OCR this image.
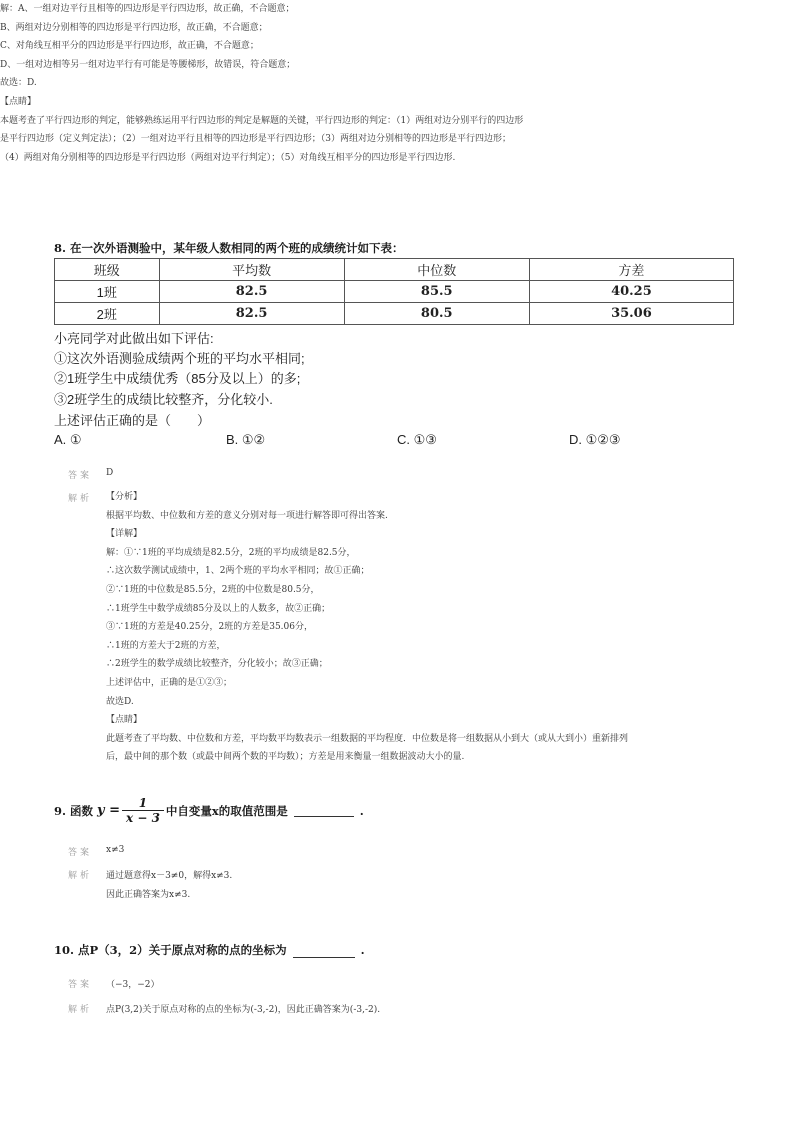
解：A、一组对边平行且相等的四边形是平行四边形，故正确，不合题意；
B、两组对边分别相等的四边形是平行四边形，故正确，不合题意；
C、对角线互相平分的四边形是平行四边形，故正确，不合题意；
D、一组对边相等另一组对边平行有可能是等腰梯形，故错误，符合题意；
故选：D.
【点睛】
本题考查了平行四边形的判定，能够熟练运用平行四边形的判定是解题的关键，平行四边形的判定：（1）两组对边分别平行的四边形
是平行四边形（定义判定法）；（2）一组对边平行且相等的四边形是平行四边形；（3）两组对边分别相等的四边形是平行四边形；
（4）两组对角分别相等的四边形是平行四边形（两组对边平行判定）；（5）对角线互相平分的四边形是平行四边形.
8. 在一次外语测验中，某年级人数相同的两个班的成绩统计如下表：
班级	平均数	中位数	方差
1班	82.5	85.5	40.25
2班	82.5	80.5	35.06
小亮同学对此做出如下评估:
①这次外语测验成绩两个班的平均水平相同;
②1班学生中成绩优秀（85分及以上）的多;
③2班学生的成绩比较整齐，分化较小.
上述评估正确的是（　　）
A. ①	B. ①②	C. ①③	D. ①②③
答案 D
解析 【分析】
根据平均数、中位数和方差的意义分别对每一项进行解答即可得出答案.
【详解】
解：①∵1班的平均成绩是82.5分，2班的平均成绩是82.5分，
∴这次数学测试成绩中，1、2两个班的平均水平相同；故①正确；
②∵1班的中位数是85.5分，2班的中位数是80.5分，
∴1班学生中数学成绩85分及以上的人数多，故②正确；
③∵1班的方差是40.25分，2班的方差是35.06分，
∴1班的方差大于2班的方差，
∴2班学生的数学成绩比较整齐，分化较小；故③正确；
上述评估中，正确的是①②③；
故选D.
【点睛】
此题考查了平均数、中位数和方差，平均数平均数表示一组数据的平均程度．中位数是将一组数据从小到大（或从大到小）重新排列
后，最中间的那个数（或最中间两个数的平均数）；方差是用来衡量一组数据波动大小的量.
9. 函数 $y = \frac{1}{x - 3}$ 中自变量x的取值范围是	.
答案 x≠3
解析 通过题意得x－3≠0，解得x≠3.
因此正确答案为x≠3.
10. 点P（3，2）关于原点对称的点的坐标为	.
答案 （−3，−2）
解析 点P(3,2)关于原点对称的点的坐标为(-3,-2)，因此正确答案为(-3,-2).
